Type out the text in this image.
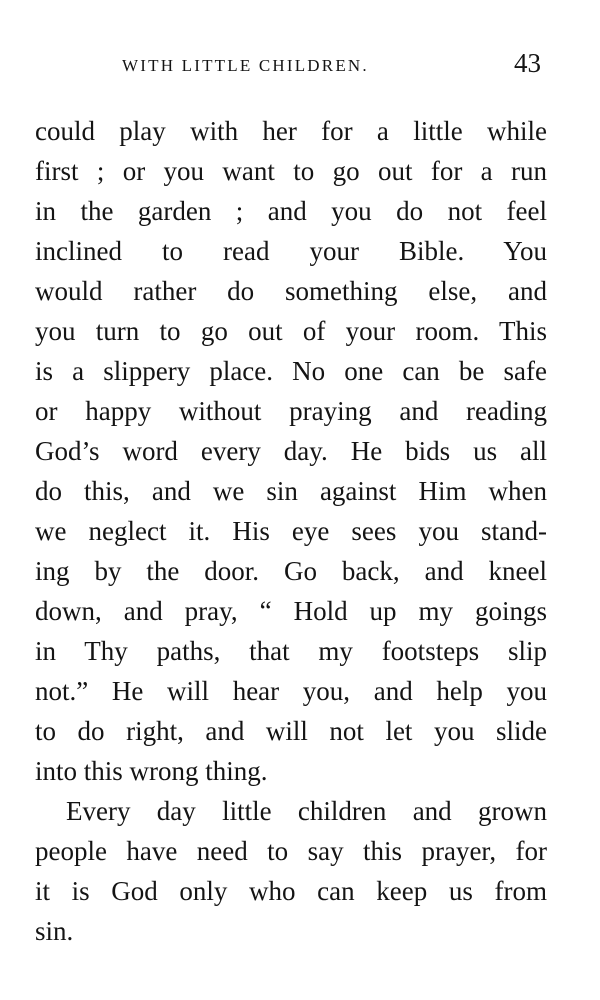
WITH LITTLE CHILDREN.	43
could play with her for a little while
first ; or you want to go out for a run
in the garden ; and you do not feel
inclined to read your Bible. You
would rather do something else, and
you turn to go out of your room. This
is a slippery place. No one can be safe
or happy without praying and reading
God’s word every day. He bids us all
do this, and we sin against Him when
we neglect it. His eye sees you stand-
ing by the door. Go back, and kneel
down, and pray, “ Hold up my goings
in Thy paths, that my footsteps slip
not.” He will hear you, and help you
to do right, and will not let you slide
into this wrong thing.
Every day little children and grown
people have need to say this prayer, for
it is God only who can keep us from
sin.
